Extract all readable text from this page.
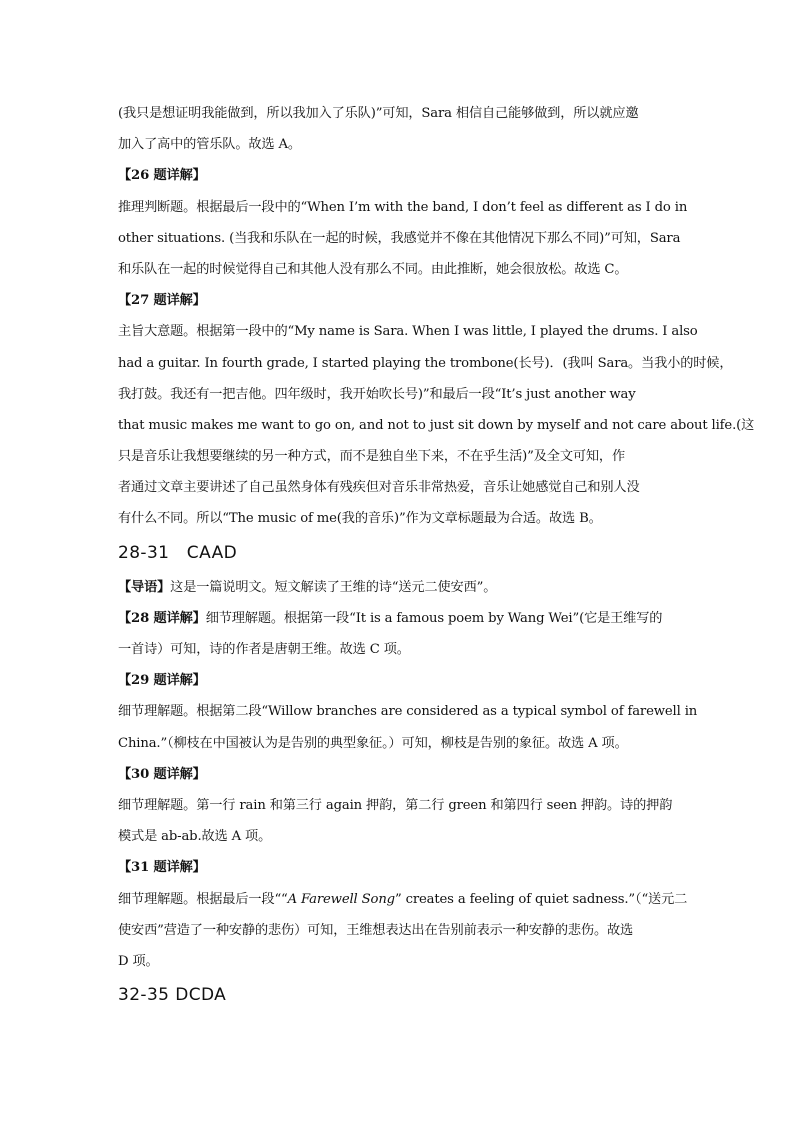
(我只是想证明我能做到，所以我加入了乐队)”可知，Sara 相信自己能够做到，所以就应邀
加入了高中的管乐队。故选 A。
【26 题详解】
推理判断题。根据最后一段中的“When I’m with the band, I don’t feel as different as I do in
other situations. (当我和乐队在一起的时候，我感觉并不像在其他情况下那么不同)”可知，Sara
和乐队在一起的时候觉得自己和其他人没有那么不同。由此推断，她会很放松。故选 C。
【27 题详解】
主旨大意题。根据第一段中的“My name is Sara. When I was little, I played the drums. I also
had a guitar. In fourth grade, I started playing the trombone(长号)．(我叫 Sara。当我小的时候，
我打鼓。我还有一把吉他。四年级时，我开始吹长号)”和最后一段“It’s just another way
that music makes me want to go on, and not to just sit down by myself and not care about life.(这
只是音乐让我想要继续的另一种方式，而不是独自坐下来，不在乎生活)”及全文可知，作
者通过文章主要讲述了自己虽然身体有残疾但对音乐非常热爱，音乐让她感觉自己和别人没
有什么不同。所以“The music of me(我的音乐)”作为文章标题最为合适。故选 B。
28-31　CAAD
【导语】这是一篇说明文。短文解读了王维的诗“送元二使安西”。
【28 题详解】细节理解题。根据第一段“It is a famous poem by Wang Wei”(它是王维写的
一首诗）可知，诗的作者是唐朝王维。故选 C 项。
【29 题详解】
细节理解题。根据第二段“Willow branches are considered as a typical symbol of farewell in
China.”（柳枝在中国被认为是告别的典型象征。）可知，柳枝是告别的象征。故选 A 项。
【30 题详解】
细节理解题。第一行 rain 和第三行 again 押韵，第二行 green 和第四行 seen 押韵。诗的押韵
模式是 ab-ab.故选 A 项。
【31 题详解】
细节理解题。根据最后一段““A Farewell Song” creates a feeling of quiet sadness.”（“送元二
使安西”营造了一种安静的悲伤）可知，王维想表达出在告别前表示一种安静的悲伤。故选
D 项。
32-35 DCDA
